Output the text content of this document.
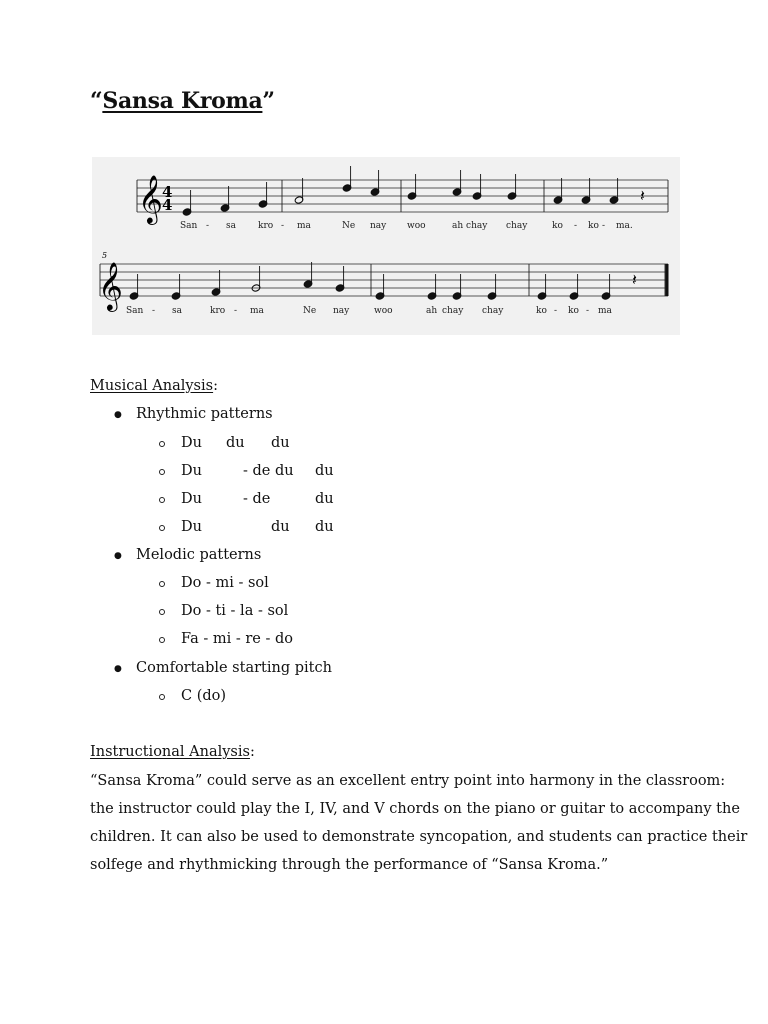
“Sansa Kroma”
𝄞 4
4
𝄞
5
𝄽
𝄽
San - sa kro - ma	Ne nay woo	ah chay chay	ko - ko - ma.
San - sa	kro - ma	Ne nay	woo	ah chay chay	ko - ko - ma
Musical Analysis:
● Rhythmic patterns
Du du du
Du	- de du du
Du	- de	du
Du	du du
● Melodic patterns
Do - mi - sol
Do - ti - la - sol
Fa - mi - re - do
● Comfortable starting pitch
C (do)
Instructional Analysis:

“Sansa Kroma” could serve as an excellent entry point into harmony in the classroom:

the instructor could play the I, IV, and V chords on the piano or guitar to accompany the

children. It can also be used to demonstrate syncopation, and students can practice their

solfege and rhythmicking through the performance of “Sansa Kroma.”
